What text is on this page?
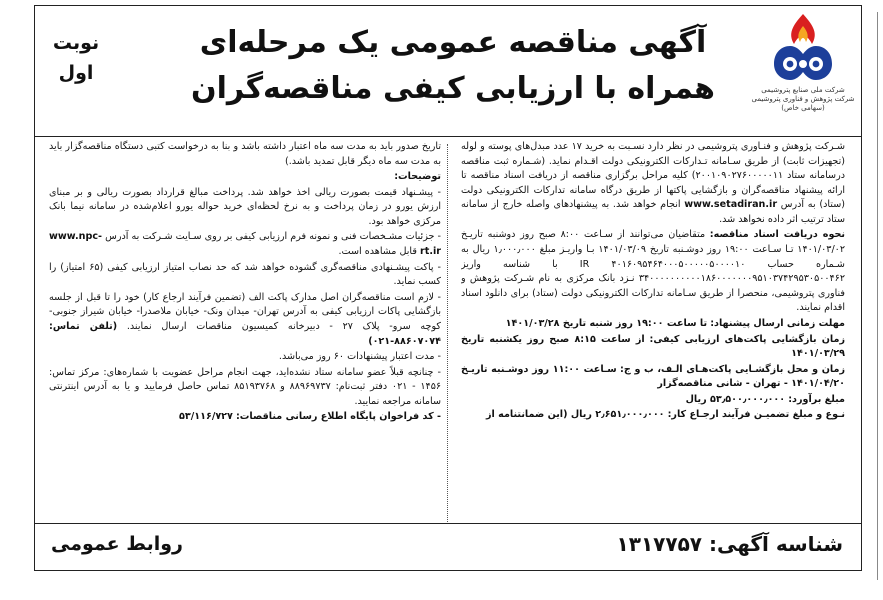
شرکت ملی صنایع پتروشیمی
شرکت پژوهش و فناوری پتروشیمی
(سهامی خاص)
آگهی مناقصه عمومی یک مرحله‌ای
همراه با ارزیابی کیفی مناقصه‌گران
نوبت
اول

شـرکت پژوهش و فنـاوری پتروشیمی در نظر دارد نسـبت به خرید ۱۷ عدد مبدل‌های پوسته و لوله (تجهیزات ثابت) از طریق سـامانه تـدارکات الکترونیکی دولت اقـدام نماید. (شـماره ثبت مناقصه درسامانه ستاد ۲۰۰۱۰۹۰۲۷۶۰۰۰۰۰۱۱) کلیه مراحل برگزاری مناقصه از دریافت اسناد مناقصه تا ارائه پیشنهاد مناقصه‌گران و بازگشایی پاکتها از طریق درگاه سامانه تدارکات الکترونیکی دولت (ستاد) به آدرس www.setadiran.ir انجام خواهد شد. به پیشنهادهای واصله خارج از سامانه ستاد ترتیب اثر داده نخواهد شد.

نحوه دریافت اسناد مناقصه: متقاضیان می‌توانند از سـاعت ۸:۰۰ صبح روز دوشنبه تاریـخ ۱۴۰۱/۰۳/۰۲ تـا سـاعت ۱۹:۰۰ روز دوشـنبه تاریخ ۱۴۰۱/۰۳/۰۹ بـا واریـز مبلغ ۱٫۰۰۰٫۰۰۰ ریال به شـماره حساب ۴۰۱۶۰۹۵۴۶۴۰۰۰۵۰۰۰۰۰۵۰۰۰۰۱۰ IR با شناسه واریز ۳۴۰۰۰۰۰۰۰۰۰۰۱۸۶۰۰۰۰۰۰۰۹۵۱۰۳۷۴۲۹۵۳۰۵۰۰۴۶۲ نـزد بانک مرکزی به نام شـرکت پژوهش و فناوری پتروشیمی، منحصرا از طریق سـامانه تدارکات الکترونیکی دولت (ستاد) برای دانلود اسناد اقدام نمایند.

مهلت زمانی ارسال پیشنهاد: تا ساعت ۱۹:۰۰ روز شنبه تاریخ ۱۴۰۱/۰۳/۲۸

زمان بازگشایی پاکت‌های ارزیابی کیفی: از ساعت ۸:۱۵ صبح روز یکشنبه تاریخ ۱۴۰۱/۰۳/۲۹

زمان و محل بازگشـایی پاکت‌هـای الـف، ب و ج: سـاعت ۱۱:۰۰ روز دوشـنبه تاریـخ ۱۴۰۱/۰۴/۲۰ - تهران - شانی مناقصه‌گزار

مبلغ برآورد: ۵۳٫۵۰۰٫۰۰۰٫۰۰۰ ریال

نـوع و مبلغ تضمیـن فرآیند ارجـاع کار: ۲٫۶۵۱٫۰۰۰٫۰۰۰ ریال (این ضمانتنامه از

تاریخ صدور باید به مدت سه ماه اعتبار داشته باشد و بنا به درخواست کتبی دستگاه مناقصه‌گزار باید به مدت سه ماه دیگر قابل تمدید باشد.)

توضیحات:

- پیشـنهاد قیمت بصورت ریالی اخذ خواهد شد. پرداخت مبالغ قرارداد بصورت ریالی و بر مبنای ارزش یورو در زمان پرداخت و به نرخ لحظه‌ای خرید حواله یورو اعلام‌شده در سامانه نیما بانک مرکزی خواهد بود.

- جزئیات مشـخصات فنی و نمونه فرم ارزیابی کیفی بر روی سـایت شـرکت به آدرس www.npc-rt.ir قابل مشاهده است.

- پاکت پیشـنهادی مناقصه‌گری گشوده خواهد شد که حد نصاب امتیاز ارزیابی کیفی (۶۵ امتیاز) را کسب نماید.

- لازم است مناقصه‌گران اصل مدارک پاکت الف (تضمین فرآیند ارجاع کار) خود را تا قبل از جلسه بازگشایی پاکات ارزیابی کیفی به آدرس تهران- میدان ونک- خیابان ملاصدرا- خیابان شیراز جنوبی- کوچه سرو- پلاک ۲۷ - دبیرخانه کمیسیون مناقصات ارسال نمایند. (تلفن تماس: ۸۸۶۰۷۰۷۴-۰۲۱)

- مدت اعتبار پیشنهادات ۶۰ روز می‌باشد.

- چنانچه قبلاً عضو سامانه ستاد نشده‌اید، جهت انجام مراحل عضویت با شماره‌های: مرکز تماس: ۱۴۵۶ - ۰۲۱ دفتر ثبت‌نام: ۸۸۹۶۹۷۳۷ و ۸۵۱۹۳۷۶۸ تماس حاصل فرمایید و یا به آدرس اینترنتی سامانه مراجعه نمایید.

- کد فراخوان پایگاه اطلاع رسانی مناقصات: ۵۳/۱۱۶/۷۲۷

شناسه آگهی: ۱۳۱۷۷۵۷
روابط عمومی
